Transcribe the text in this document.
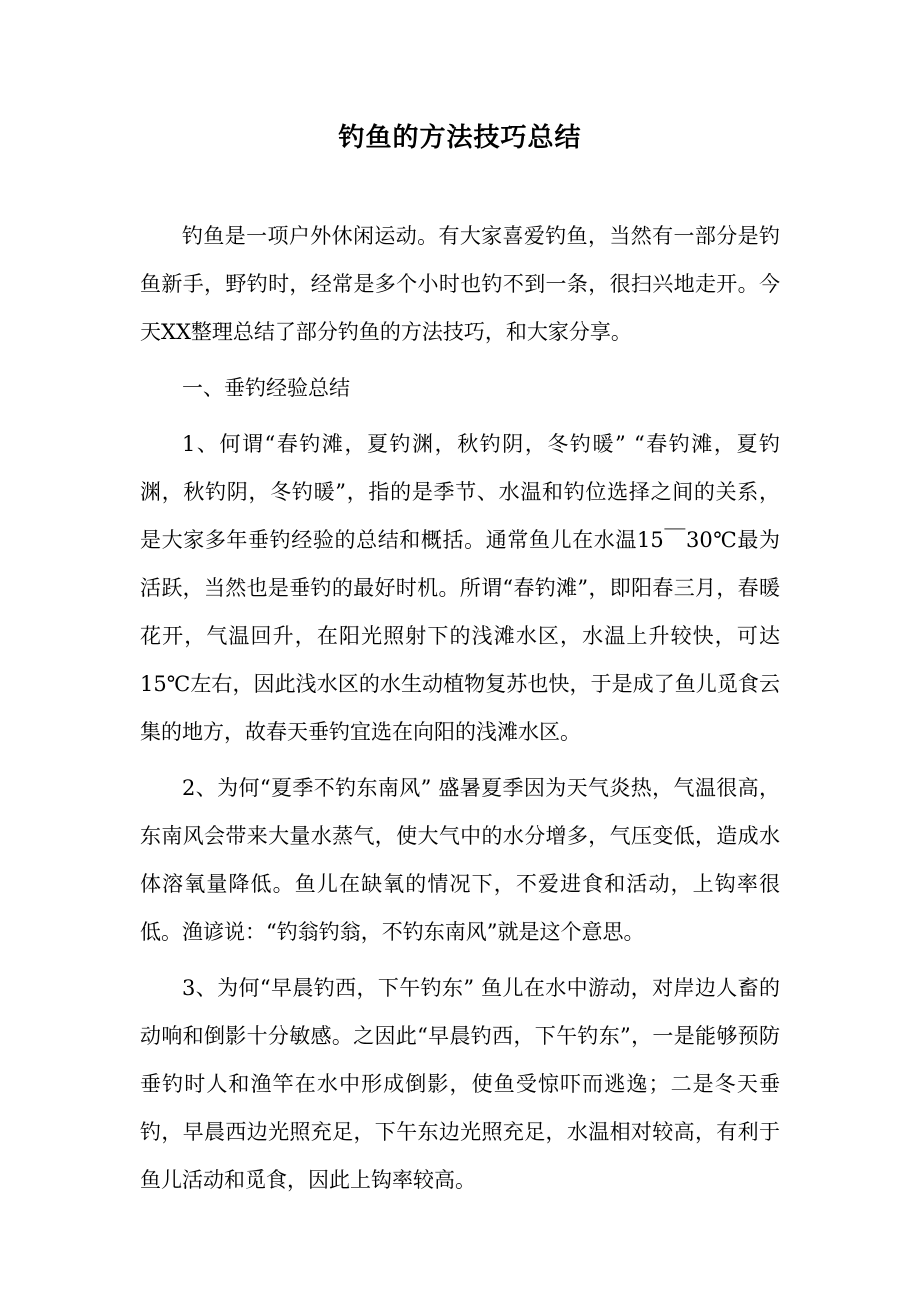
钓鱼的方法技巧总结

钓鱼是一项户外休闲运动。有大家喜爱钓鱼，当然有一部分是钓鱼新手，野钓时，经常是多个小时也钓不到一条，很扫兴地走开。今天XX整理总结了部分钓鱼的方法技巧，和大家分享。

一、垂钓经验总结

1、何谓“春钓滩，夏钓渊，秋钓阴，冬钓暖” “春钓滩，夏钓渊，秋钓阴，冬钓暖”，指的是季节、水温和钓位选择之间的关系，是大家多年垂钓经验的总结和概括。通常鱼儿在水温15￣30℃最为活跃，当然也是垂钓的最好时机。所谓“春钓滩”，即阳春三月，春暖花开，气温回升，在阳光照射下的浅滩水区，水温上升较快，可达15℃左右，因此浅水区的水生动植物复苏也快，于是成了鱼儿觅食云集的地方，故春天垂钓宜选在向阳的浅滩水区。

2、为何“夏季不钓东南风” 盛暑夏季因为天气炎热，气温很高，东南风会带来大量水蒸气，使大气中的水分增多，气压变低，造成水体溶氧量降低。鱼儿在缺氧的情况下，不爱进食和活动，上钩率很低。渔谚说：“钓翁钓翁，不钓东南风”就是这个意思。

3、为何“早晨钓西，下午钓东” 鱼儿在水中游动，对岸边人畜的动响和倒影十分敏感。之因此“早晨钓西，下午钓东”，一是能够预防垂钓时人和渔竿在水中形成倒影，使鱼受惊吓而逃逸；二是冬天垂钓，早晨西边光照充足，下午东边光照充足，水温相对较高，有利于鱼儿活动和觅食，因此上钩率较高。
